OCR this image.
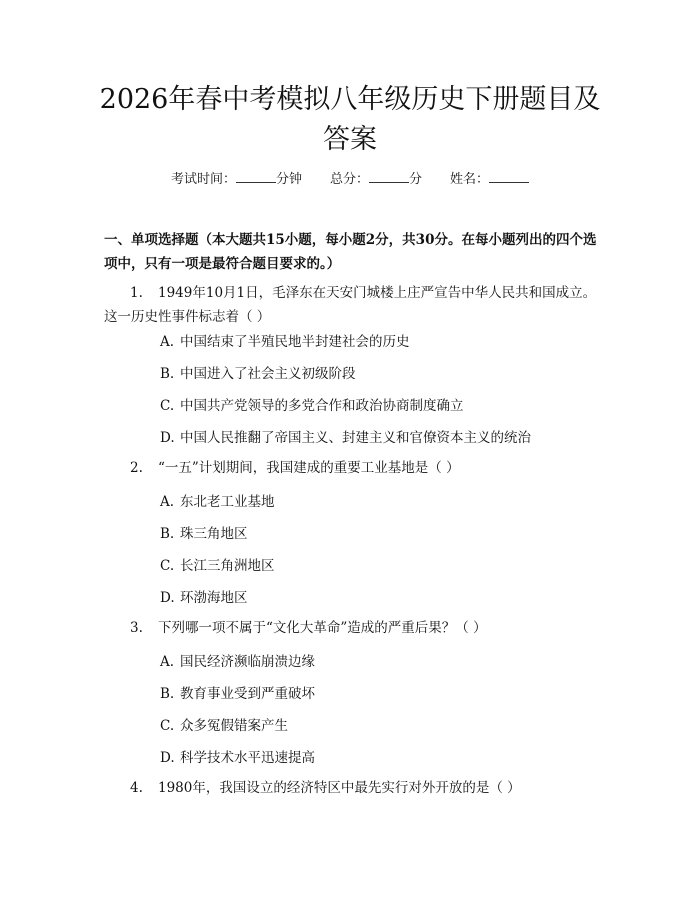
2026年春中考模拟八年级历史下册题目及答案
考试时间：	分钟 总分：	分 姓名：

一、单项选择题（本大题共15小题，每小题2分，共30分。在每小题列出的四个选项中，只有一项是最符合题目要求的。）

1. 1949年10月1日，毛泽东在天安门城楼上庄严宣告中华人民共和国成立。这一历史性事件标志着（ ）
A. 中国结束了半殖民地半封建社会的历史
B. 中国进入了社会主义初级阶段
C. 中国共产党领导的多党合作和政治协商制度确立
D. 中国人民推翻了帝国主义、封建主义和官僚资本主义的统治
2. “一五”计划期间，我国建成的重要工业基地是（ ）
A. 东北老工业基地
B. 珠三角地区
C. 长江三角洲地区
D. 环渤海地区
3. 下列哪一项不属于“文化大革命”造成的严重后果？（ ）
A. 国民经济濒临崩溃边缘
B. 教育事业受到严重破坏
C. 众多冤假错案产生
D. 科学技术水平迅速提高
4. 1980年，我国设立的经济特区中最先实行对外开放的是（ ）
